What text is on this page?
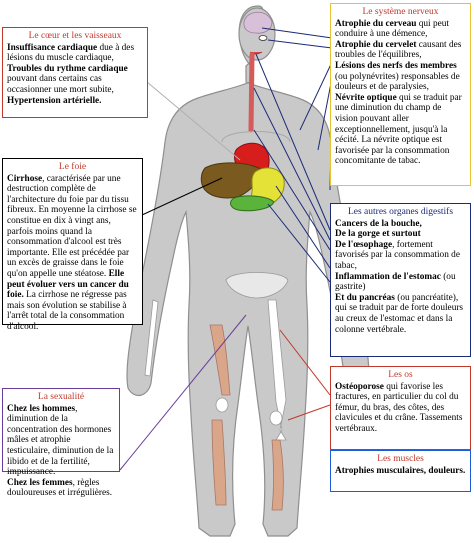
Le cœur et les vaisseaux

Insuffisance cardiaque due à des lésions du muscle cardiaque,
Troubles du rythme cardiaque pouvant dans certains cas occasionner une mort subite,
Hypertension artérielle.

Le foie

Cirrhose, caractérisée par une destruction complète de l'architecture du foie par du tissu fibreux. En moyenne la cirrhose se constitue en dix à vingt ans, parfois moins quand la consommation d'alcool est très importante. Elle est précédée par un excès de graisse dans le foie qu'on appelle une stéatose. Elle peut évoluer vers un cancer du foie. La cirrhose ne régresse pas mais son évolution se stabilise à l'arrêt total de la consommation d'alcool.

La sexualité

Chez les hommes, diminution de la concentration des hormones mâles et atrophie testiculaire, diminution de la libido et de la fertilité, impuissance.
Chez les femmes, règles douloureuses et irrégulières.

Le système nerveux

Atrophie du cerveau qui peut conduire à une démence,
Atrophie du cervelet causant des troubles de l'équilibres,
Lésions des nerfs des membres (ou polynévrites) responsables de douleurs et de paralysies,
Névrite optique qui se traduit par une diminution du champ de vision pouvant aller exceptionnellement, jusqu'à la cécité. La névrite optique est favorisée par la consommation concomitante de tabac.

Les autres organes digestifs

Cancers de la bouche,
De la gorge et surtout
De l'œsophage, fortement favorisés par la consommation de tabac,
Inflammation de l'estomac (ou gastrite)
Et du pancréas (ou pancréatite), qui se traduit par de forte douleurs au creux de l'estomac et dans la colonne vertébrale.

Les os

Ostéoporose qui favorise les fractures, en particulier du col du fémur, du bras, des côtes, des clavicules et du crâne. Tassements vertébraux.

Les muscles

Atrophies musculaires, douleurs.
